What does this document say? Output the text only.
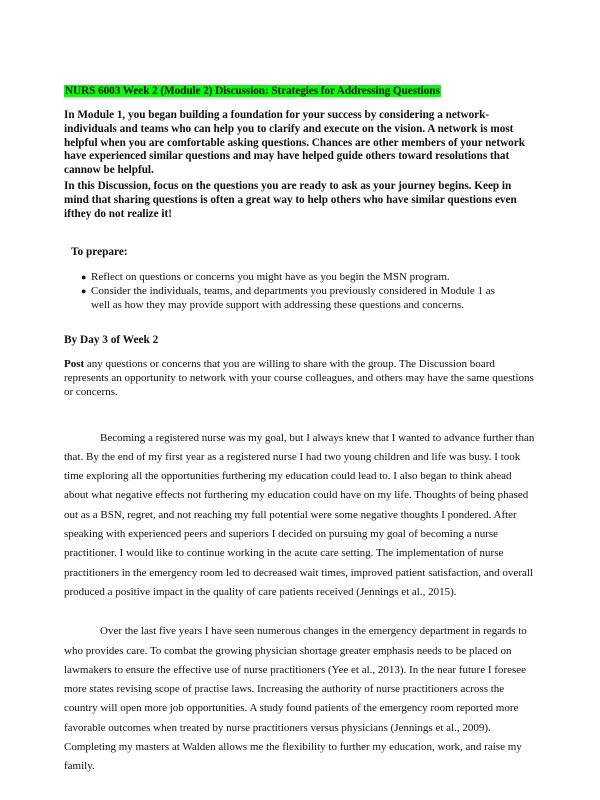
NURS 6003 Week 2 (Module 2) Discussion: Strategies for Addressing Questions

In Module 1, you began building a foundation for your success by considering a network-individuals and teams who can help you to clarify and execute on the vision. A network is most helpful when you are comfortable asking questions. Chances are other members of your network have experienced similar questions and may have helped guide others toward resolutions that cannow be helpful.

In this Discussion, focus on the questions you are ready to ask as your journey begins. Keep in mind that sharing questions is often a great way to help others who have similar questions even ifthey do not realize it!

To prepare:
● Reflect on questions or concerns you might have as you begin the MSN program.
● Consider the individuals, teams, and departments you previously considered in Module 1 as well as how they may provide support with addressing these questions and concerns.
By Day 3 of Week 2

Post any questions or concerns that you are willing to share with the group. The Discussion board represents an opportunity to network with your course colleagues, and others may have the same questions or concerns.

Becoming a registered nurse was my goal, but I always knew that I wanted to advance further than that. By the end of my first year as a registered nurse I had two young children and life was busy. I took time exploring all the opportunities furthering my education could lead to. I also began to think ahead about what negative effects not furthering my education could have on my life. Thoughts of being phased out as a BSN, regret, and not reaching my full potential were some negative thoughts I pondered. After speaking with experienced peers and superiors I decided on pursuing my goal of becoming a nurse practitioner. I would like to continue working in the acute care setting. The implementation of nurse practitioners in the emergency room led to decreased wait times, improved patient satisfaction, and overall produced a positive impact in the quality of care patients received (Jennings et al., 2015).

Over the last five years I have seen numerous changes in the emergency department in regards to who provides care. To combat the growing physician shortage greater emphasis needs to be placed on lawmakers to ensure the effective use of nurse practitioners (Yee et al., 2013). In the near future I foresee more states revising scope of practise laws. Increasing the authority of nurse practitioners across the country will open more job opportunities. A study found patients of the emergency room reported more favorable outcomes when treated by nurse practitioners versus physicians (Jennings et al., 2009). Completing my masters at Walden allows me the flexibility to further my education, work, and raise my family.
